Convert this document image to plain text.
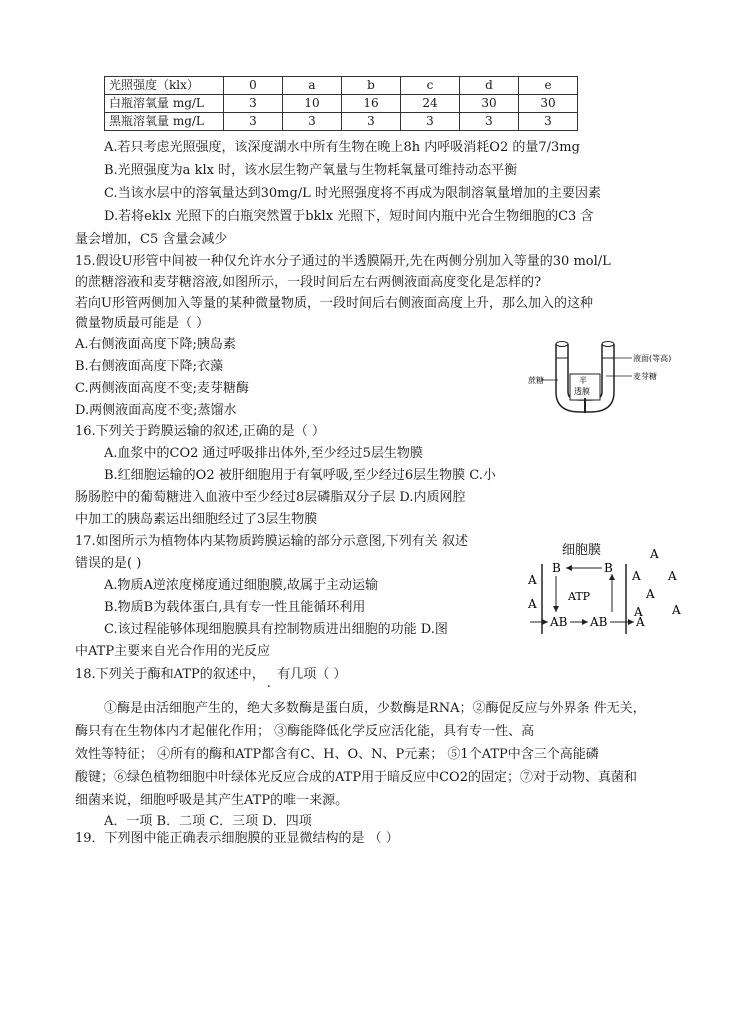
光照强度（klx）	0	a	b	c	d	e
白瓶溶氧量 mg/L	3	10	16	24	30	30
黑瓶溶氧量 mg/L	3	3	3	3	3	3
A.若只考虑光照强度，该深度湖水中所有生物在晚上8h 内呼吸消耗O2 的量7/3mg
B.光照强度为a klx 时，该水层生物产氧量与生物耗氧量可维持动态平衡
C.当该水层中的溶氧量达到30mg/L 时光照强度将不再成为限制溶氧量增加的主要因素
D.若将eklx 光照下的白瓶突然置于bklx 光照下，短时间内瓶中光合生物细胞的C3 含
量会增加，C5 含量会减少
15.假设U形管中间被一种仅允许水分子通过的半透膜隔开,先在两侧分别加入等量的30 mol/L
的蔗糖溶液和麦芽糖溶液,如图所示，一段时间后左右两侧液面高度变化是怎样的?
若向U形管两侧加入等量的某种微量物质，一段时间后右侧液面高度上升，那么加入的这种
微量物质最可能是（ ）
A.右侧液面高度下降;胰岛素
B.右侧液面高度下降;衣藻
C.两侧液面高度不变;麦芽糖酶
D.两侧液面高度不变;蒸馏水
半
透膜
液面(等高)
麦芽糖
蔗糖
16.下列关于跨膜运输的叙述,正确的是（ ）
A.血浆中的CO2 通过呼吸排出体外,至少经过5层生物膜
B.红细胞运输的O2 被肝细胞用于有氧呼吸,至少经过6层生物膜 C.小
肠肠腔中的葡萄糖进入血液中至少经过8层磷脂双分子层 D.内质网腔
中加工的胰岛素运出细胞经过了3层生物膜
17.如图所示为植物体内某物质跨膜运输的部分示意图,下列有关 叙述
错误的是( )
A.物质A逆浓度梯度通过细胞膜,故属于主动运输
B.物质B为载体蛋白,具有专一性且能循环利用
C.该过程能够体现细胞膜具有控制物质进出细胞的功能 D.图
中ATP主要来自光合作用的光反应
细胞膜
A
A
A
A A
A
A A
B	B
ATP
AB AB A
18.下列关于酶和ATP的叙述中， . 有几项（ ）
①酶是由活细胞产生的，绝大多数酶是蛋白质，少数酶是RNA；②酶促反应与外界条 件无关，
酶只有在生物体内才起催化作用； ③酶能降低化学反应活化能，具有专一性、高
效性等特征； ④所有的酶和ATP都含有C、H、O、N、P元素； ⑤1个ATP中含三个高能磷
酸键；⑥绿色植物细胞中叶绿体光反应合成的ATP用于暗反应中CO2的固定；⑦对于动物、真菌和
细菌来说，细胞呼吸是其产生ATP的唯一来源。
A．一项 B．二项 C．三项 D．四项
19．下列图中能正确表示细胞膜的亚显微结构的是 （ ）
